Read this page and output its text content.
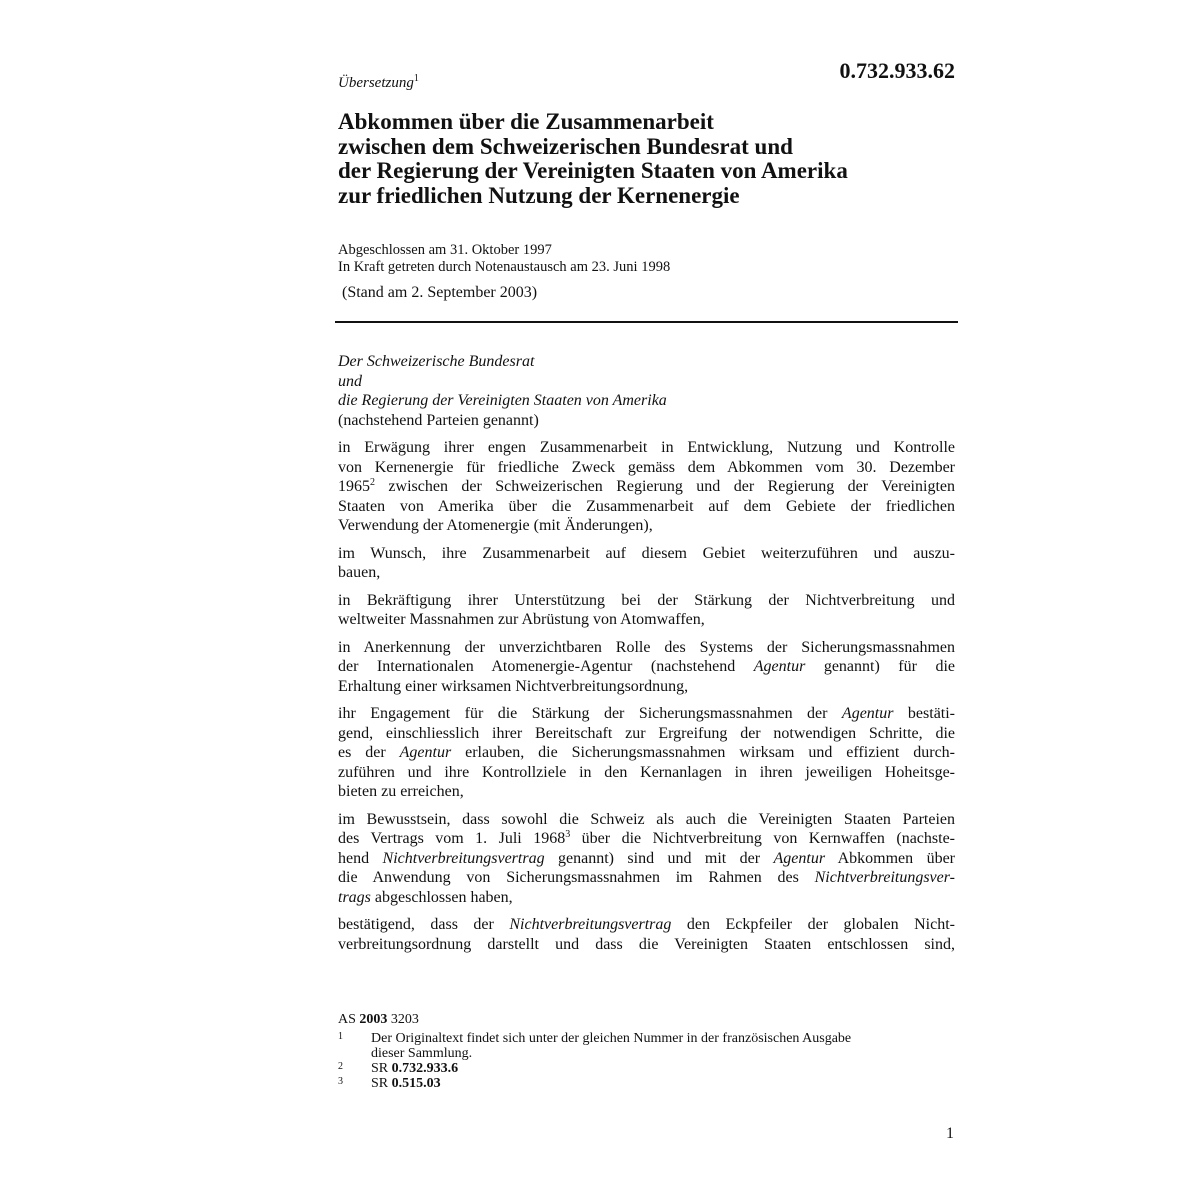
0.732.933.62
Übersetzung$^1$
Abkommen über die Zusammenarbeit
zwischen dem Schweizerischen Bundesrat und
der Regierung der Vereinigten Staaten von Amerika
zur friedlichen Nutzung der Kernenergie
Abgeschlossen am 31. Oktober 1997
In Kraft getreten durch Notenaustausch am 23. Juni 1998
(Stand am 2. September 2003)
Der Schweizerische Bundesrat
und
die Regierung der Vereinigten Staaten von Amerika
(nachstehend Parteien genannt)
in Erwägung ihrer engen Zusammenarbeit in Entwicklung, Nutzung und Kontrolle
von Kernenergie für friedliche Zweck gemäss dem Abkommen vom 30. Dezember
1965$^2$ zwischen der Schweizerischen Regierung und der Regierung der Vereinigten
Staaten von Amerika über die Zusammenarbeit auf dem Gebiete der friedlichen
Verwendung der Atomenergie (mit Änderungen),
im Wunsch, ihre Zusammenarbeit auf diesem Gebiet weiterzuführen und auszu-
bauen,
in Bekräftigung ihrer Unterstützung bei der Stärkung der Nichtverbreitung und
weltweiter Massnahmen zur Abrüstung von Atomwaffen,
in Anerkennung der unverzichtbaren Rolle des Systems der Sicherungsmassnahmen
der Internationalen Atomenergie-Agentur (nachstehend Agentur genannt) für die
Erhaltung einer wirksamen Nichtverbreitungsordnung,
ihr Engagement für die Stärkung der Sicherungsmassnahmen der Agentur bestäti-
gend, einschliesslich ihrer Bereitschaft zur Ergreifung der notwendigen Schritte, die
es der Agentur erlauben, die Sicherungsmassnahmen wirksam und effizient durch-
zuführen und ihre Kontrollziele in den Kernanlagen in ihren jeweiligen Hoheitsge-
bieten zu erreichen,
im Bewusstsein, dass sowohl die Schweiz als auch die Vereinigten Staaten Parteien
des Vertrags vom 1. Juli 1968$^3$ über die Nichtverbreitung von Kernwaffen (nachste-
hend Nichtverbreitungsvertrag genannt) sind und mit der Agentur Abkommen über
die Anwendung von Sicherungsmassnahmen im Rahmen des Nichtverbreitungsver-
trags abgeschlossen haben,
bestätigend, dass der Nichtverbreitungsvertrag den Eckpfeiler der globalen Nicht-
verbreitungsordnung darstellt und dass die Vereinigten Staaten entschlossen sind,
AS 2003 3203
1 Der Originaltext findet sich unter der gleichen Nummer in der französischen Ausgabe
dieser Sammlung.
2 SR 0.732.933.6
3 SR 0.515.03
1
